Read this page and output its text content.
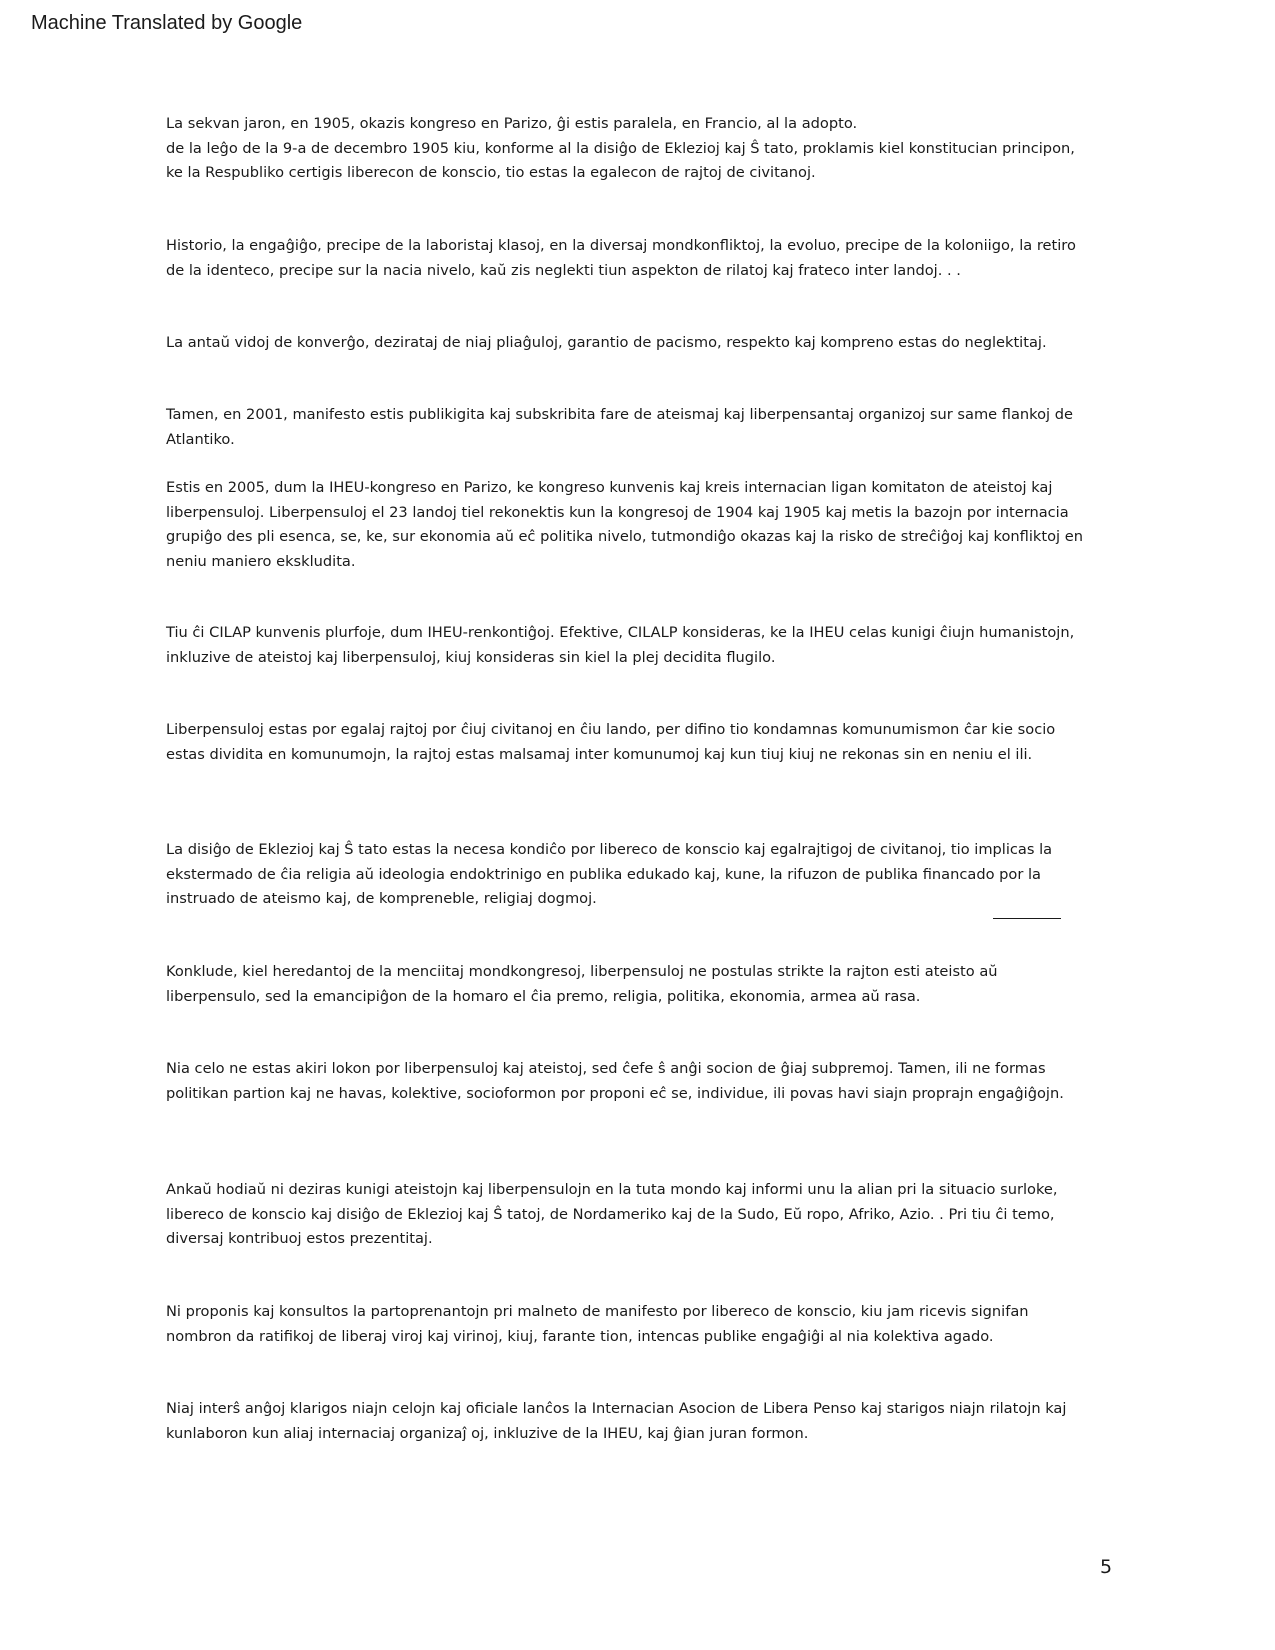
Machine Translated by Google
La sekvan jaron, en 1905, okazis kongreso en Parizo, ĝi estis paralela, en Francio, al la adopto.
de la leĝo de la 9-a de decembro 1905 kiu, konforme al la disiĝo de Eklezioj kaj Ŝ tato, proklamis kiel konstitucian principon,
ke la Respubliko certigis liberecon de konscio, tio estas la egalecon de rajtoj de civitanoj.
Historio, la engaĝiĝo, precipe de la laboristaj klasoj, en la diversaj mondkonfliktoj, la evoluo, precipe de la koloniigo, la retiro
de la identeco, precipe sur la nacia nivelo, kaŭ zis neglekti tiun aspekton de rilatoj kaj frateco inter landoj. . .
La antaŭ vidoj de konverĝo, dezirataj de niaj pliaĝuloj, garantio de pacismo, respekto kaj kompreno estas do neglektitaj.
Tamen, en 2001, manifesto estis publikigita kaj subskribita fare de ateismaj kaj liberpensantaj organizoj sur same flankoj de
Atlantiko.
Estis en 2005, dum la IHEU-kongreso en Parizo, ke kongreso kunvenis kaj kreis internacian ligan komitaton de ateistoj kaj
liberpensuloj. Liberpensuloj el 23 landoj tiel rekonektis kun la kongresoj de 1904 kaj 1905 kaj metis la bazojn por internacia
grupiĝo des pli esenca, se, ke, sur ekonomia aŭ eĉ politika nivelo, tutmondiĝo okazas kaj la risko de streĉiĝoj kaj konfliktoj en
neniu maniero ekskludita.
Tiu ĉi CILAP kunvenis plurfoje, dum IHEU-renkontiĝoj. Efektive, CILALP konsideras, ke la IHEU celas kunigi ĉiujn humanistojn,
inkluzive de ateistoj kaj liberpensuloj, kiuj konsideras sin kiel la plej decidita flugilo.
Liberpensuloj estas por egalaj rajtoj por ĉiuj civitanoj en ĉiu lando, per difino tio kondamnas komunumismon ĉar kie socio
estas dividita en komunumojn, la rajtoj estas malsamaj inter komunumoj kaj kun tiuj kiuj ne rekonas sin en neniu el ili.
La disiĝo de Eklezioj kaj Ŝ tato estas la necesa kondiĉo por libereco de konscio kaj egalrajtigoj de civitanoj, tio implicas la
ekstermado de ĉia religia aŭ ideologia endoktrinigo en publika edukado kaj, kune, la rifuzon de publika financado por la
instruado de ateismo kaj, de kompreneble, religiaj dogmoj.
Konklude, kiel heredantoj de la menciitaj mondkongresoj, liberpensuloj ne postulas strikte la rajton esti ateisto aŭ
liberpensulo, sed la emancipiĝon de la homaro el ĉia premo, religia, politika, ekonomia, armea aŭ rasa.
Nia celo ne estas akiri lokon por liberpensuloj kaj ateistoj, sed ĉefe ŝ anĝi socion de ĝiaj subpremoj. Tamen, ili ne formas
politikan partion kaj ne havas, kolektive, socioformon por proponi eĉ se, individue, ili povas havi siajn proprajn engaĝiĝojn.
Ankaŭ hodiaŭ ni deziras kunigi ateistojn kaj liberpensulojn en la tuta mondo kaj informi unu la alian pri la situacio surloke,
libereco de konscio kaj disiĝo de Eklezioj kaj Ŝ tatoj, de Nordameriko kaj de la Sudo, Eŭ ropo, Afriko, Azio. . Pri tiu ĉi temo,
diversaj kontribuoj estos prezentitaj.
Ni proponis kaj konsultos la partoprenantojn pri malneto de manifesto por libereco de konscio, kiu jam ricevis signifan
nombron da ratifikoj de liberaj viroj kaj virinoj, kiuj, farante tion, intencas publike engaĝiĝi al nia kolektiva agado.
Niaj interŝ anĝoj klarigos niajn celojn kaj oficiale lanĉos la Internacian Asocion de Libera Penso kaj starigos niajn rilatojn kaj
kunlaboron kun aliaj internaciaj organizaĵ oj, inkluzive de la IHEU, kaj ĝian juran formon.
5
